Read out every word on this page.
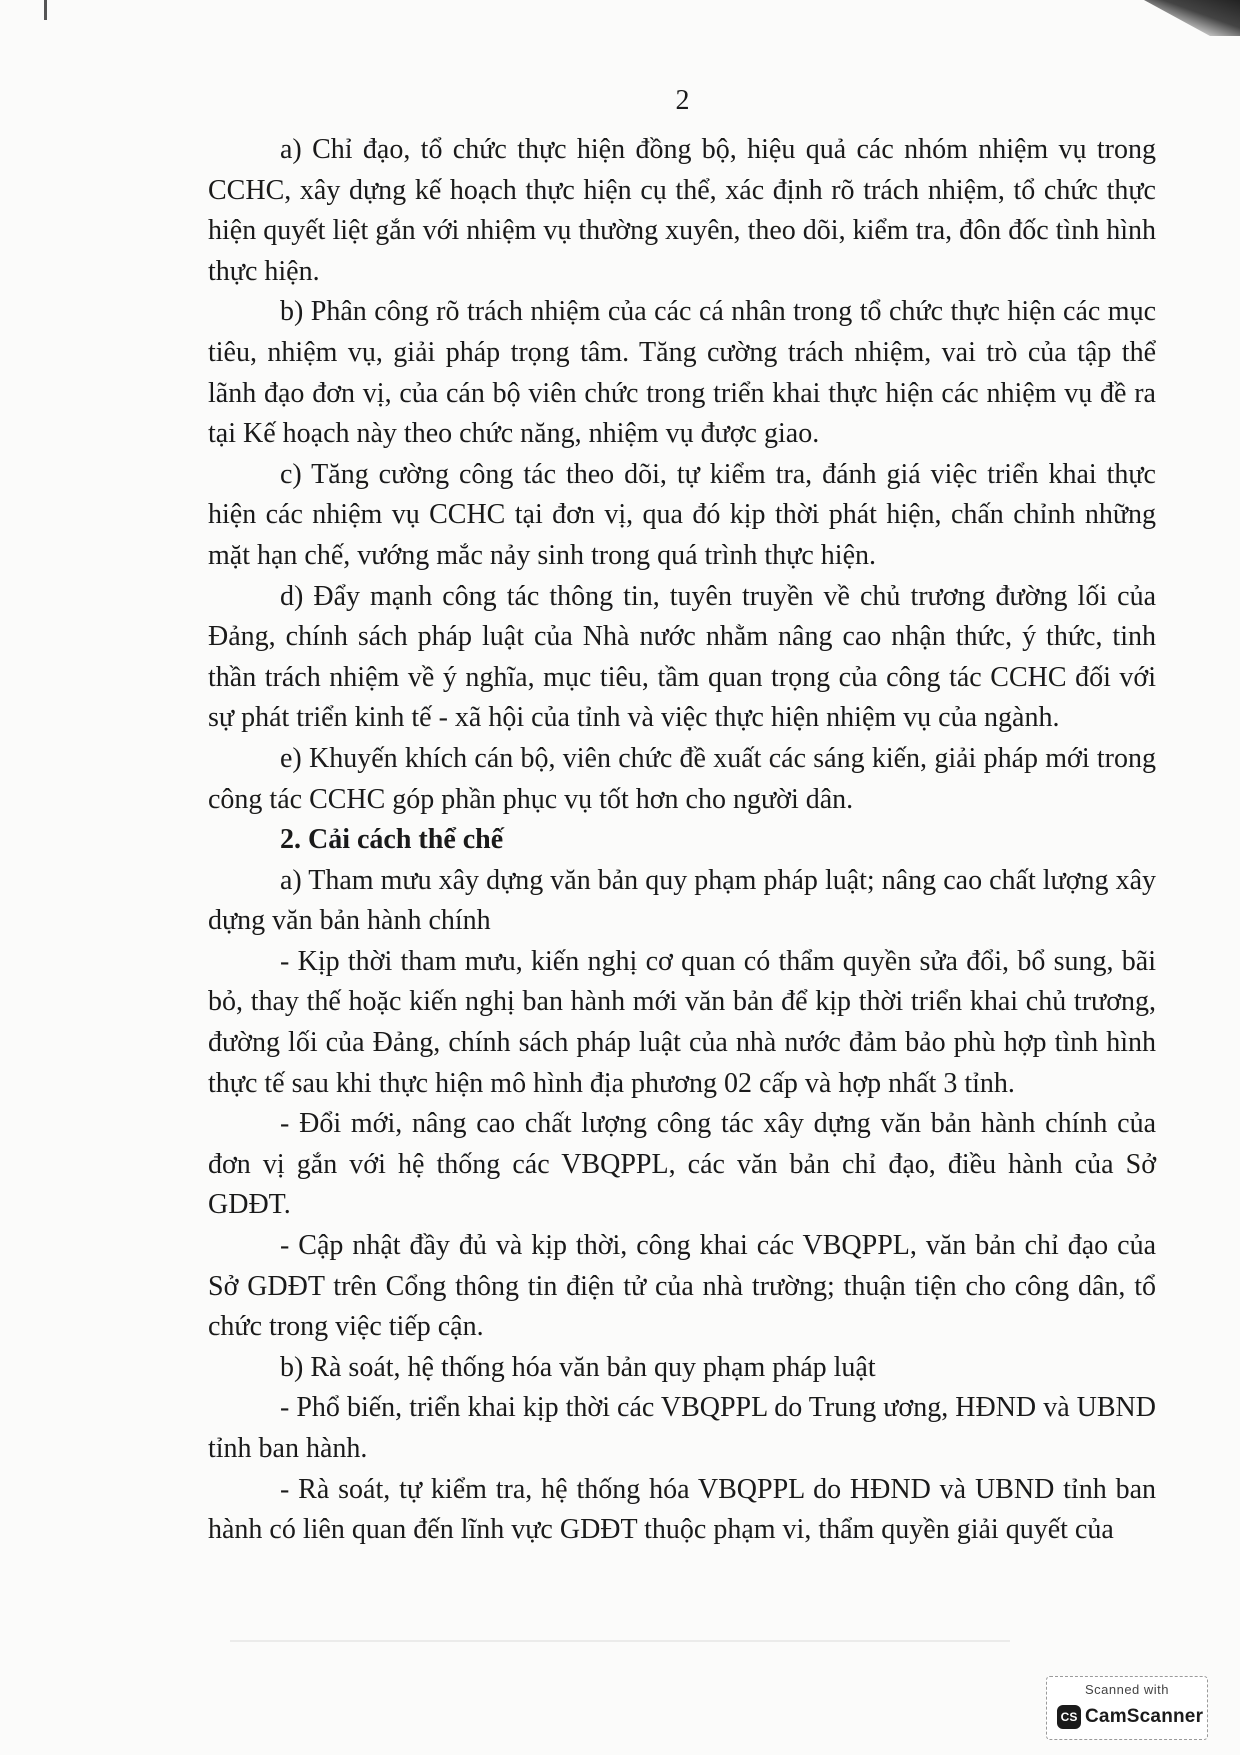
2

a) Chỉ đạo, tổ chức thực hiện đồng bộ, hiệu quả các nhóm nhiệm vụ trong CCHC, xây dựng kế hoạch thực hiện cụ thể, xác định rõ trách nhiệm, tổ chức thực hiện quyết liệt gắn với nhiệm vụ thường xuyên, theo dõi, kiểm tra, đôn đốc tình hình thực hiện.

b) Phân công rõ trách nhiệm của các cá nhân trong tổ chức thực hiện các mục tiêu, nhiệm vụ, giải pháp trọng tâm. Tăng cường trách nhiệm, vai trò của tập thể lãnh đạo đơn vị, của cán bộ viên chức trong triển khai thực hiện các nhiệm vụ đề ra tại Kế hoạch này theo chức năng, nhiệm vụ được giao.

c) Tăng cường công tác theo dõi, tự kiểm tra, đánh giá việc triển khai thực hiện các nhiệm vụ CCHC tại đơn vị, qua đó kịp thời phát hiện, chấn chỉnh những mặt hạn chế, vướng mắc nảy sinh trong quá trình thực hiện.

d) Đẩy mạnh công tác thông tin, tuyên truyền về chủ trương đường lối của Đảng, chính sách pháp luật của Nhà nước nhằm nâng cao nhận thức, ý thức, tinh thần trách nhiệm về ý nghĩa, mục tiêu, tầm quan trọng của công tác CCHC đối với sự phát triển kinh tế - xã hội của tỉnh và việc thực hiện nhiệm vụ của ngành.

e) Khuyến khích cán bộ, viên chức đề xuất các sáng kiến, giải pháp mới trong công tác CCHC góp phần phục vụ tốt hơn cho người dân.

2. Cải cách thể chế

a) Tham mưu xây dựng văn bản quy phạm pháp luật; nâng cao chất lượng xây dựng văn bản hành chính

- Kịp thời tham mưu, kiến nghị cơ quan có thẩm quyền sửa đổi, bổ sung, bãi bỏ, thay thế hoặc kiến nghị ban hành mới văn bản để kịp thời triển khai chủ trương, đường lối của Đảng, chính sách pháp luật của nhà nước đảm bảo phù hợp tình hình thực tế sau khi thực hiện mô hình địa phương 02 cấp và hợp nhất 3 tỉnh.

- Đổi mới, nâng cao chất lượng công tác xây dựng văn bản hành chính của đơn vị gắn với hệ thống các VBQPPL, các văn bản chỉ đạo, điều hành của Sở GDĐT.

- Cập nhật đầy đủ và kịp thời, công khai các VBQPPL, văn bản chỉ đạo của Sở GDĐT trên Cổng thông tin điện tử của nhà trường; thuận tiện cho công dân, tổ chức trong việc tiếp cận.

b) Rà soát, hệ thống hóa văn bản quy phạm pháp luật

- Phổ biến, triển khai kịp thời các VBQPPL do Trung ương, HĐND và UBND tỉnh ban hành.

- Rà soát, tự kiểm tra, hệ thống hóa VBQPPL do HĐND và UBND tỉnh ban hành có liên quan đến lĩnh vực GDĐT thuộc phạm vi, thẩm quyền giải quyết của

Scanned with
CS CamScanner
